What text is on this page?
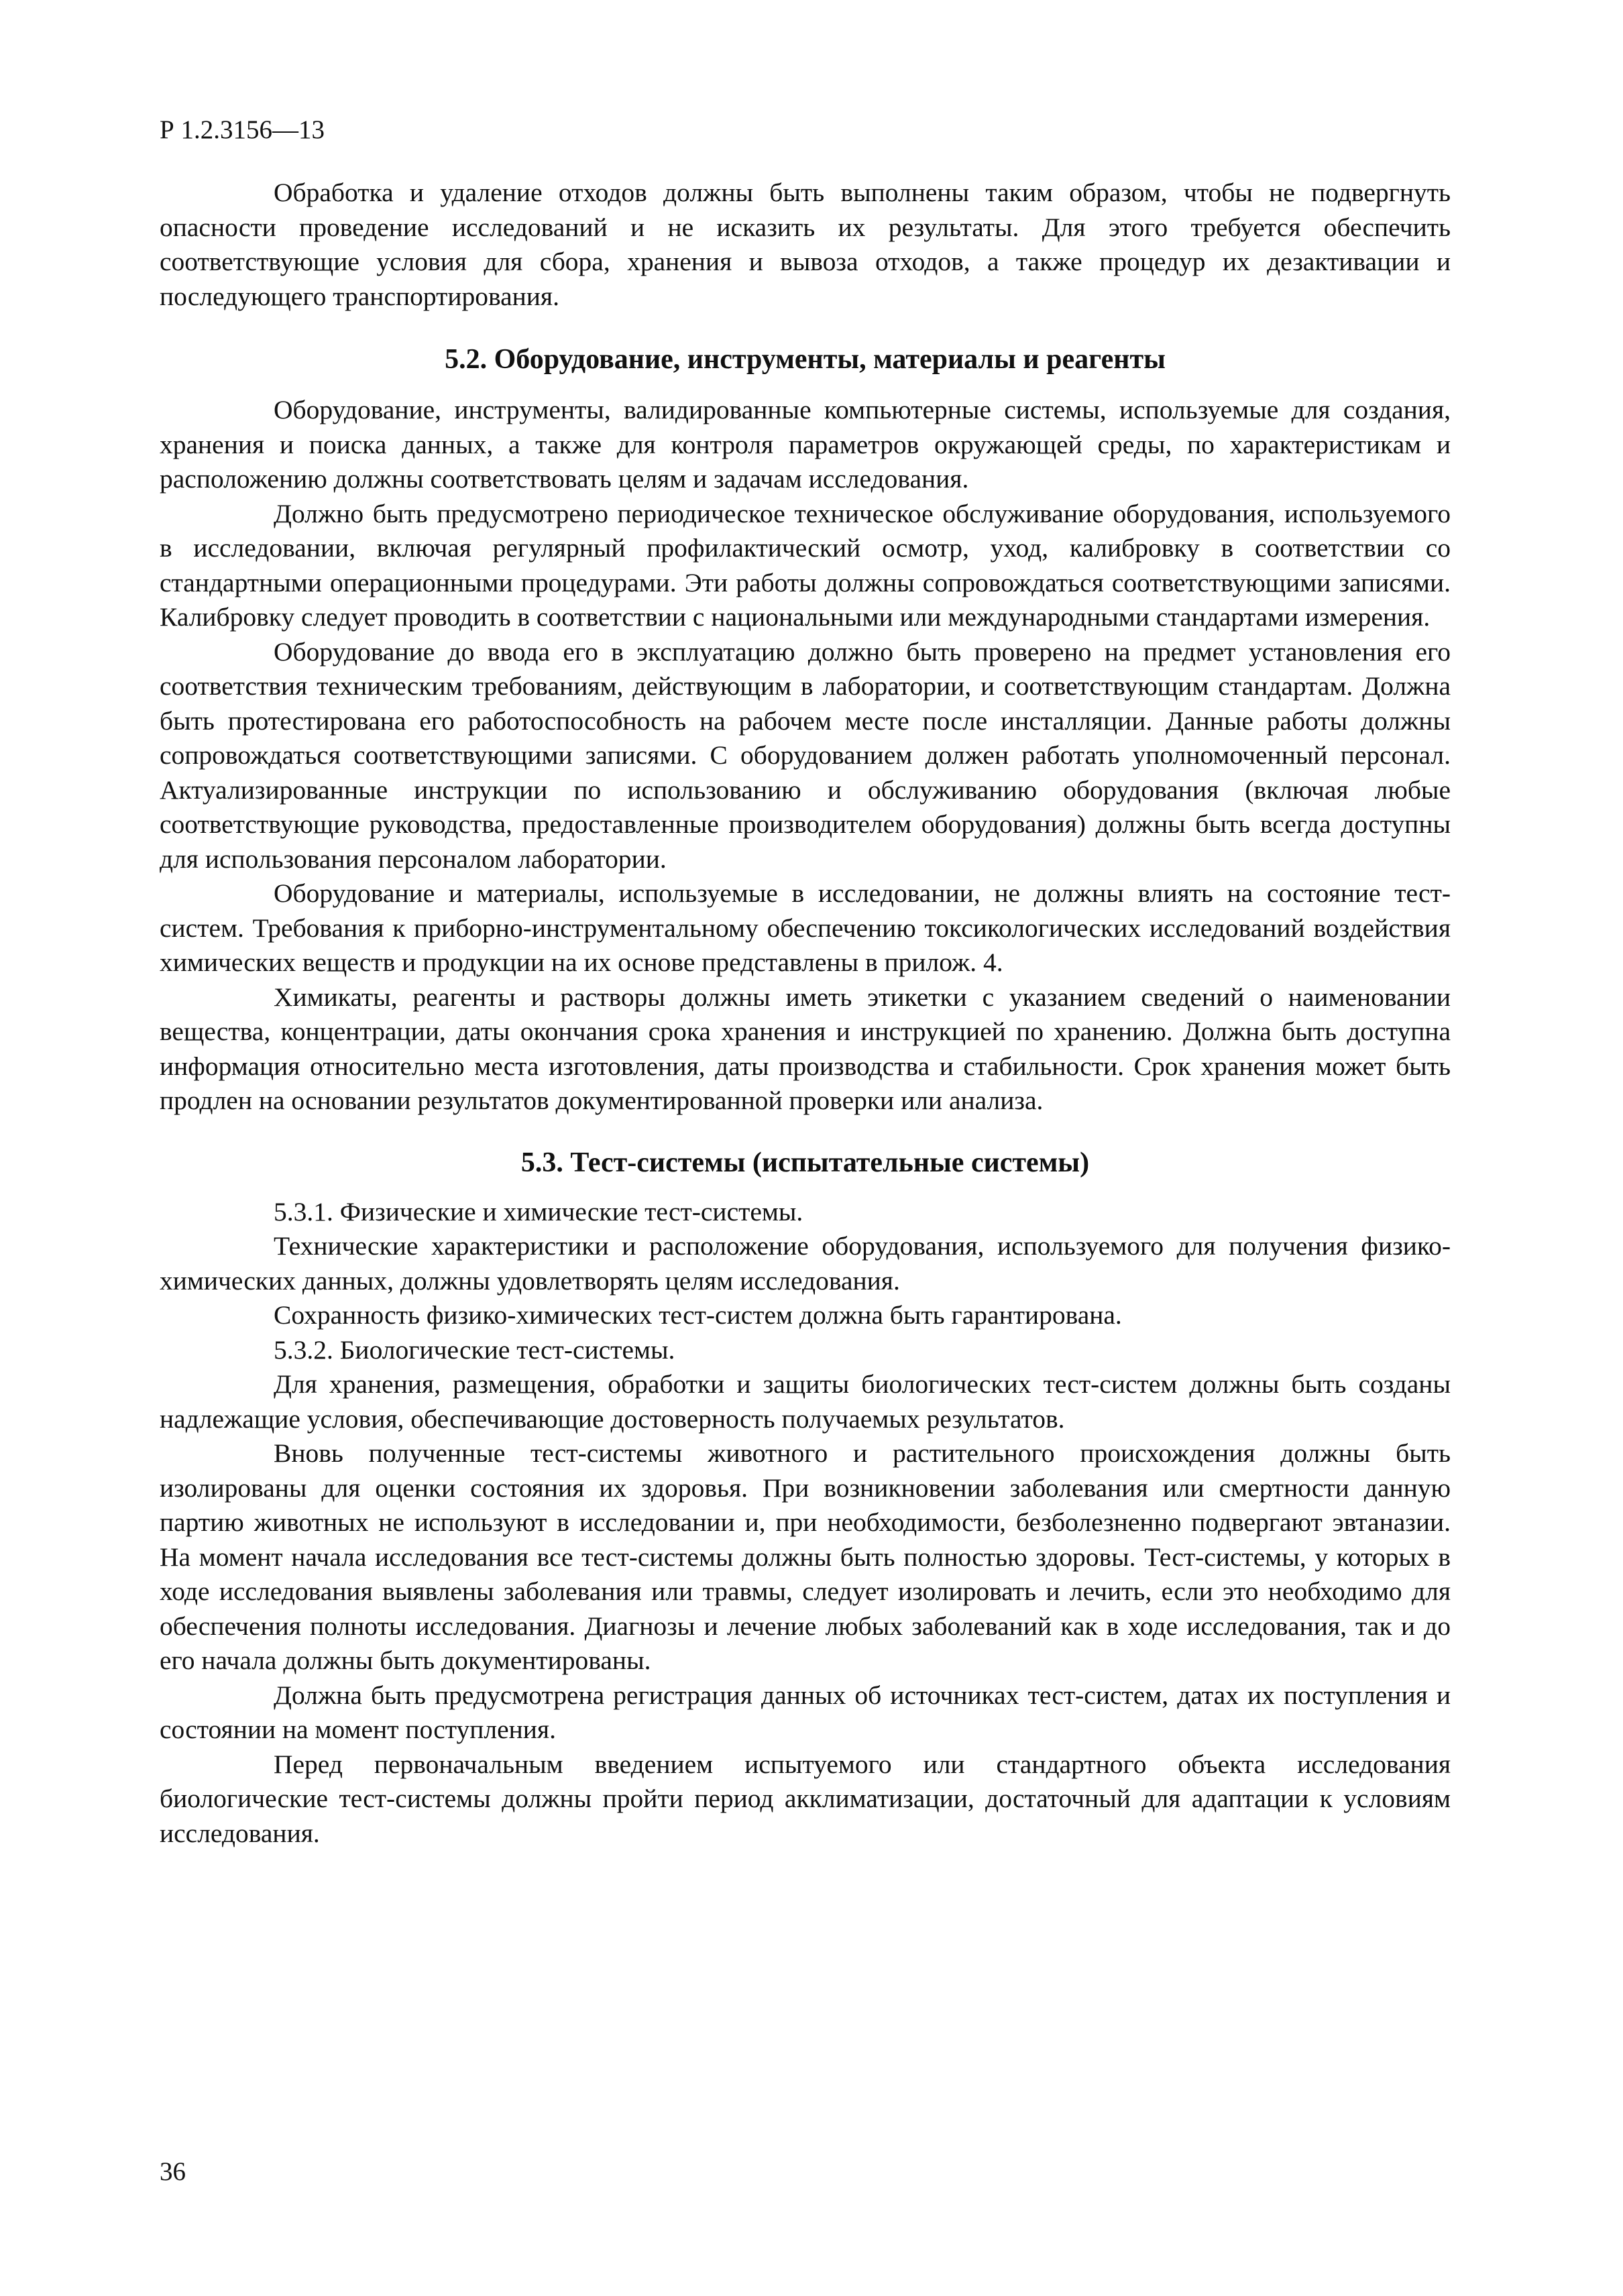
Р 1.2.3156—13

Обработка и удаление отходов должны быть выполнены таким образом, чтобы не подвергнуть опасности проведение исследований и не исказить их результаты. Для этого требуется обеспечить соответствующие условия для сбора, хранения и вывоза отходов, а также процедур их дезактивации и последующего транспортирования.

5.2. Оборудование, инструменты, материалы и реагенты

Оборудование, инструменты, валидированные компьютерные системы, используемые для создания, хранения и поиска данных, а также для контроля параметров окружающей среды, по характеристикам и расположению должны соответствовать целям и задачам исследования.

Должно быть предусмотрено периодическое техническое обслуживание оборудования, используемого в исследовании, включая регулярный профилактический осмотр, уход, калибровку в соответствии со стандартными операционными процедурами. Эти работы должны сопровождаться соответствующими записями. Калибровку следует проводить в соответствии с национальными или международными стандартами измерения.

Оборудование до ввода его в эксплуатацию должно быть проверено на предмет установления его соответствия техническим требованиям, действующим в лаборатории, и соответствующим стандартам. Должна быть протестирована его работоспособность на рабочем месте после инсталляции. Данные работы должны сопровождаться соответствующими записями. С оборудованием должен работать уполномоченный персонал. Актуализированные инструкции по использованию и обслуживанию оборудования (включая любые соответствующие руководства, предоставленные производителем оборудования) должны быть всегда доступны для использования персоналом лаборатории.

Оборудование и материалы, используемые в исследовании, не должны влиять на состояние тест-систем. Требования к приборно-инструментальному обеспечению токсикологических исследований воздействия химических веществ и продукции на их основе представлены в прилож. 4.

Химикаты, реагенты и растворы должны иметь этикетки с указанием сведений о наименовании вещества, концентрации, даты окончания срока хранения и инструкцией по хранению. Должна быть доступна информация относительно места изготовления, даты производства и стабильности. Срок хранения может быть продлен на основании результатов документированной проверки или анализа.

5.3. Тест-системы (испытательные системы)

5.3.1. Физические и химические тест-системы.

Технические характеристики и расположение оборудования, используемого для получения физико-химических данных, должны удовлетворять целям исследования.

Сохранность физико-химических тест-систем должна быть гарантирована.

5.3.2. Биологические тест-системы.

Для хранения, размещения, обработки и защиты биологических тест-систем должны быть созданы надлежащие условия, обеспечивающие достоверность получаемых результатов.

Вновь полученные тест-системы животного и растительного происхождения должны быть изолированы для оценки состояния их здоровья. При возникновении заболевания или смертности данную партию животных не используют в исследовании и, при необходимости, безболезненно подвергают эвтаназии. На момент начала исследования все тест-системы должны быть полностью здоровы. Тест-системы, у которых в ходе исследования выявлены заболевания или травмы, следует изолировать и лечить, если это необходимо для обеспечения полноты исследования. Диагнозы и лечение любых заболеваний как в ходе исследования, так и до его начала должны быть документированы.

Должна быть предусмотрена регистрация данных об источниках тест-систем, датах их поступления и состоянии на момент поступления.

Перед первоначальным введением испытуемого или стандартного объекта исследования биологические тест-системы должны пройти период акклиматизации, достаточный для адаптации к условиям исследования.

36
